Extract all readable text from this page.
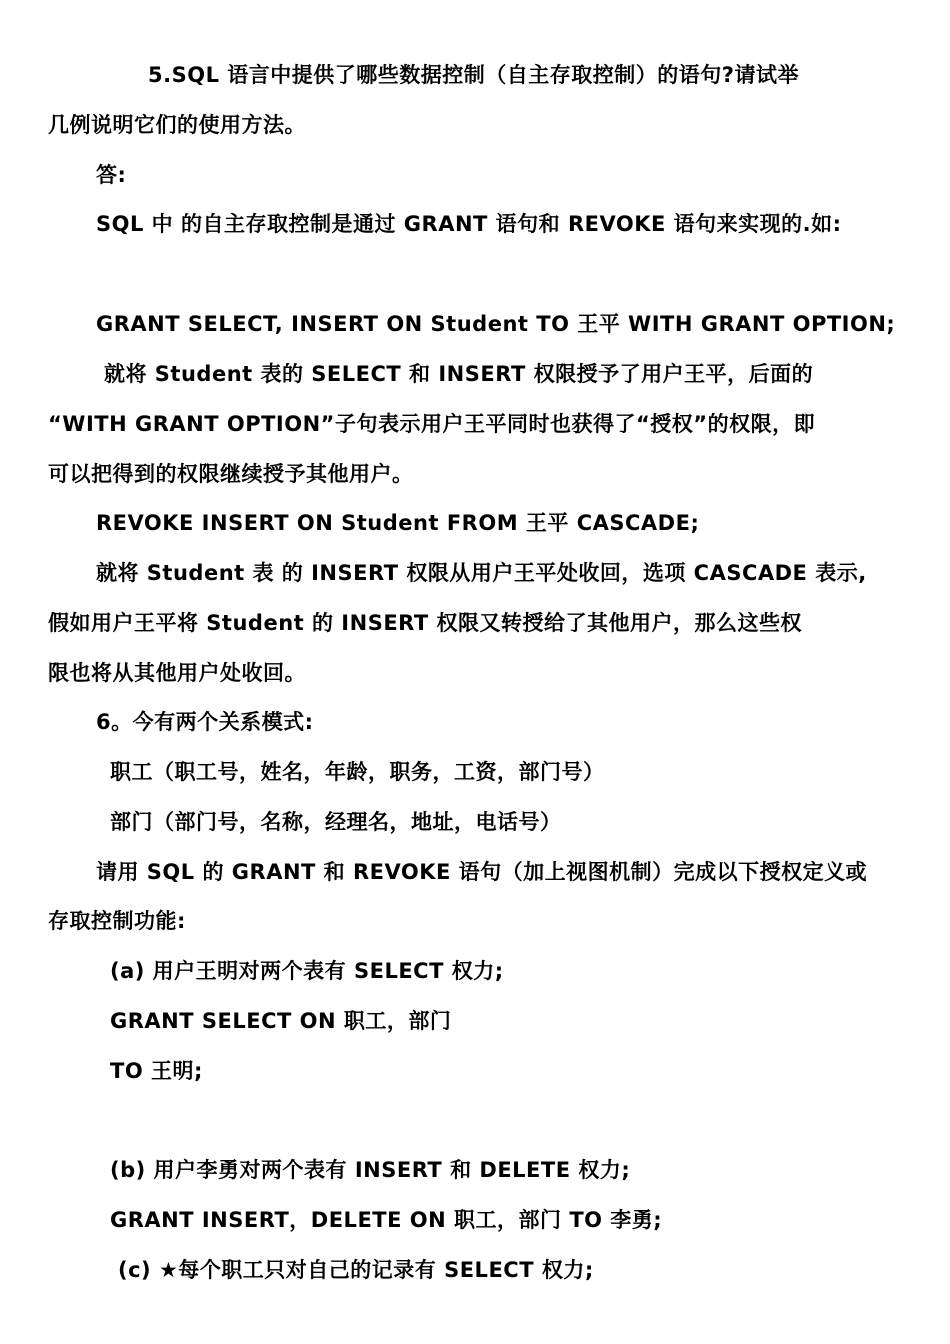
5.SQL 语言中提供了哪些数据控制（自主存取控制）的语句?请试举
几例说明它们的使用方法。
答:
SQL 中 的自主存取控制是通过 GRANT 语句和 REVOKE 语句来实现的.如:
GRANT SELECT, INSERT ON Student TO 王平 WITH GRANT OPTION;
就将 Student 表的 SELECT 和 INSERT 权限授予了用户王平，后面的
“WITH GRANT OPTION”子句表示用户王平同时也获得了“授权”的权限，即
可以把得到的权限继续授予其他用户。
REVOKE INSERT ON Student FROM 王平 CASCADE;
就将 Student 表 的 INSERT 权限从用户王平处收回，选项 CASCADE 表示,
假如用户王平将 Student 的 INSERT 权限又转授给了其他用户，那么这些权
限也将从其他用户处收回。
6。今有两个关系模式:
职工（职工号，姓名，年龄，职务，工资，部门号）
部门（部门号，名称，经理名，地址，电话号）
请用 SQL 的 GRANT 和 REVOKE 语句（加上视图机制）完成以下授权定义或
存取控制功能:
(a) 用户王明对两个表有 SELECT 权力;
GRANT SELECT ON 职工，部门
TO 王明;
(b) 用户李勇对两个表有 INSERT 和 DELETE 权力;
GRANT INSERT，DELETE ON 职工，部门 TO 李勇;
(c) ★每个职工只对自己的记录有 SELECT 权力;
